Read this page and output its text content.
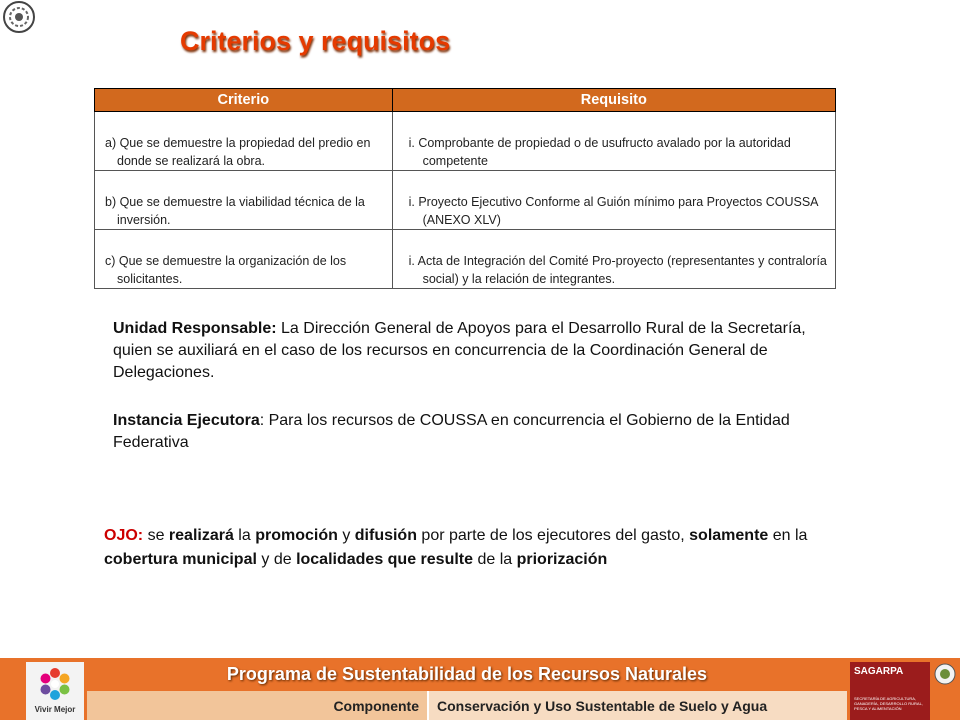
Criterios y requisitos
Criterio	Requisito

a) Que se demuestre la propiedad del predio en donde se realizará la obra.	i. Comprobante de propiedad o de usufructo avalado por la autoridad competente

b) Que se demuestre la viabilidad técnica de la inversión.	i. Proyecto Ejecutivo Conforme al Guión mínimo para Proyectos COUSSA (ANEXO XLV)

c) Que se demuestre la organización de los solicitantes.	i. Acta de Integración del Comité Pro-proyecto (representantes y contraloría social) y la relación de integrantes.
Unidad Responsable: La Dirección General de Apoyos para el Desarrollo Rural de la Secretaría, quien se auxiliará en el caso de los recursos en concurrencia de la Coordinación General de Delegaciones.
Instancia Ejecutora: Para los recursos de COUSSA en concurrencia el Gobierno de la Entidad Federativa
OJO: se realizará la promoción y difusión por parte de los ejecutores del gasto, solamente en la cobertura municipal y de localidades que resulte de la priorización
Vivir Mejor
Programa de Sustentabilidad de los Recursos Naturales
Componente Conservación y Uso Sustentable de Suelo y Agua
SAGARPA
SECRETARÍA DE AGRICULTURA, GANADERÍA, DESARROLLO RURAL, PESCA Y ALIMENTACIÓN
